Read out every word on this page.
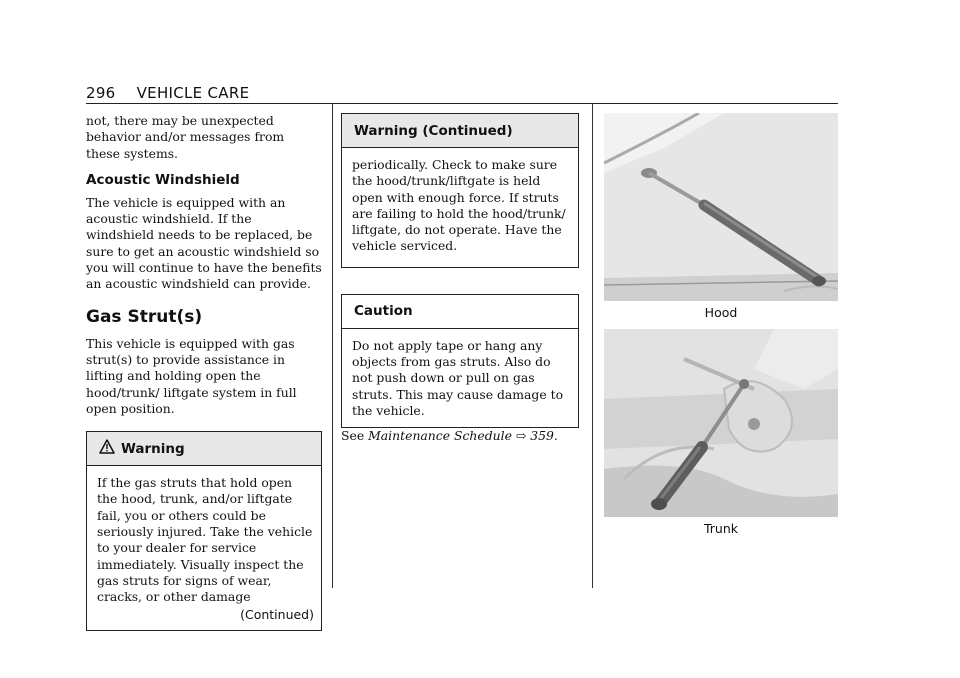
296 VEHICLE CARE

not, there may be unexpected behavior and/or messages from these systems.

Acoustic Windshield

The vehicle is equipped with an acoustic windshield. If the windshield needs to be replaced, be sure to get an acoustic windshield so you will continue to have the benefits an acoustic windshield can provide.

Gas Strut(s)

This vehicle is equipped with gas strut(s) to provide assistance in lifting and holding open the hood/trunk/ liftgate system in full open position.

Warning

If the gas struts that hold open the hood, trunk, and/or liftgate fail, you or others could be seriously injured. Take the vehicle to your dealer for service immediately. Visually inspect the gas struts for signs of wear, cracks, or other damage

(Continued)
Warning (Continued)

periodically. Check to make sure the hood/trunk/liftgate is held open with enough force. If struts are failing to hold the hood/trunk/ liftgate, do not operate. Have the vehicle serviced.

Caution

Do not apply tape or hang any objects from gas struts. Also do not push down or pull on gas struts. This may cause damage to the vehicle.

See Maintenance Schedule ⇨ 359.

Hood
Trunk
